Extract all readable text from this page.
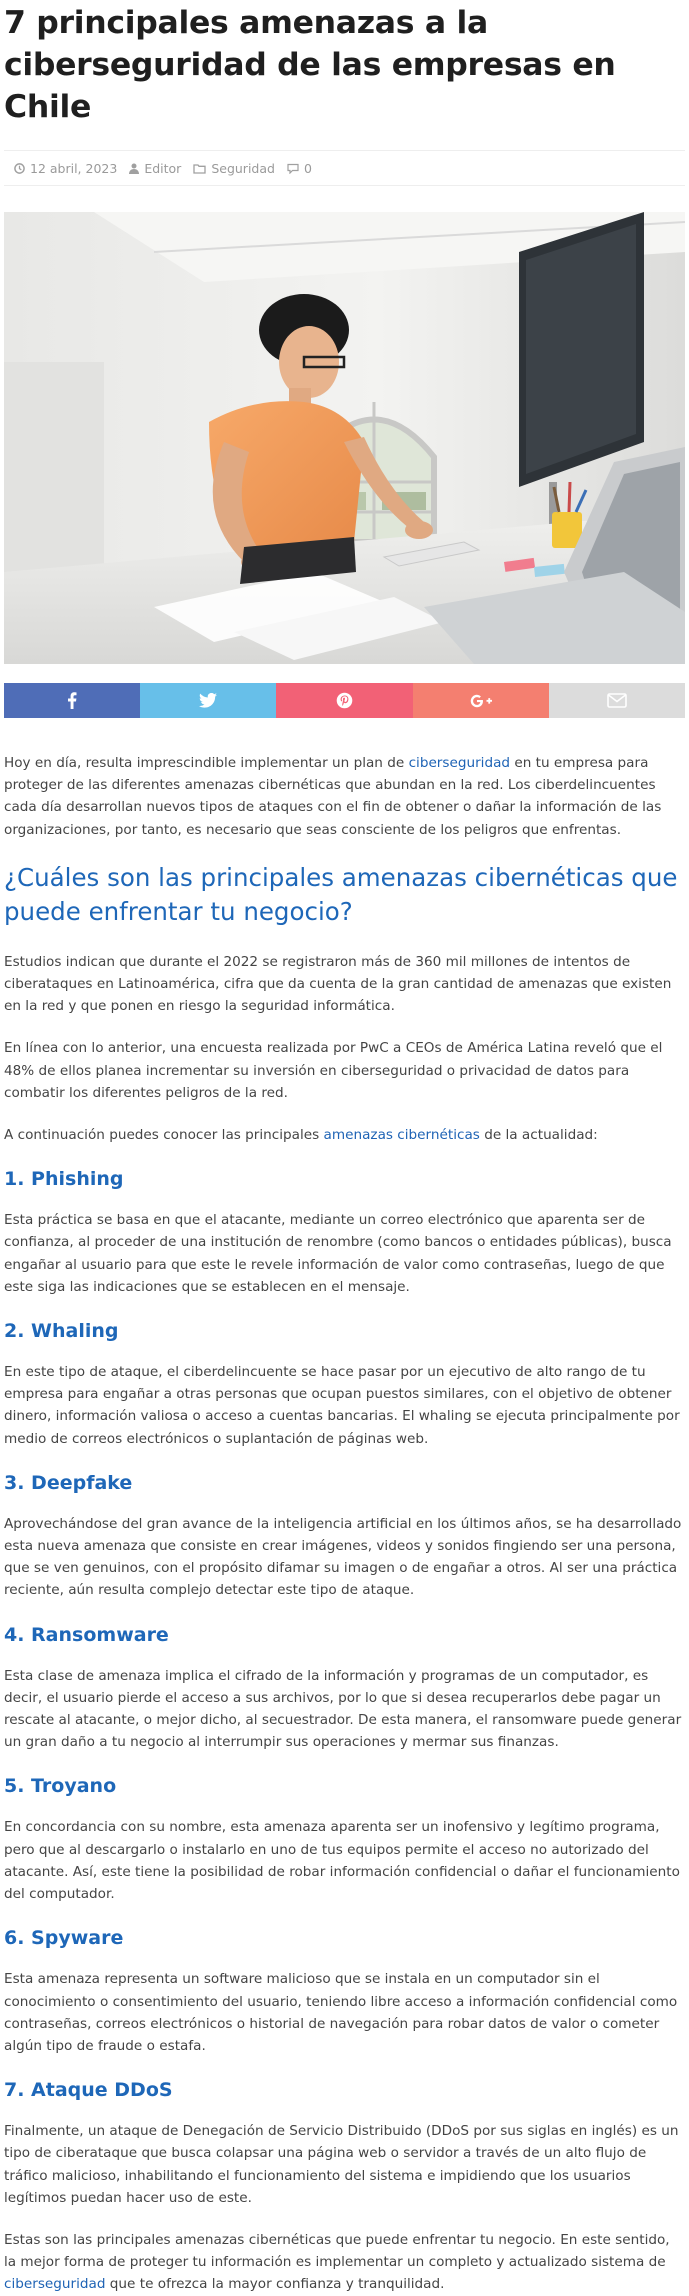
7 principales amenazas a la ciberseguridad de las empresas en Chile
12 abril, 2023 Editor Seguridad 0

Hoy en día, resulta imprescindible implementar un plan de ciberseguridad en tu empresa para proteger de las diferentes amenazas cibernéticas que abundan en la red. Los ciberdelincuentes cada día desarrollan nuevos tipos de ataques con el fin de obtener o dañar la información de las organizaciones, por tanto, es necesario que seas consciente de los peligros que enfrentas.

¿Cuáles son las principales amenazas cibernéticas que puede enfrentar tu negocio?

Estudios indican que durante el 2022 se registraron más de 360 mil millones de intentos de ciberataques en Latinoamérica, cifra que da cuenta de la gran cantidad de amenazas que existen en la red y que ponen en riesgo la seguridad informática.

En línea con lo anterior, una encuesta realizada por PwC a CEOs de América Latina reveló que el 48% de ellos planea incrementar su inversión en ciberseguridad o privacidad de datos para combatir los diferentes peligros de la red.

A continuación puedes conocer las principales amenazas cibernéticas de la actualidad:

1. Phishing

Esta práctica se basa en que el atacante, mediante un correo electrónico que aparenta ser de confianza, al proceder de una institución de renombre (como bancos o entidades públicas), busca engañar al usuario para que este le revele información de valor como contraseñas, luego de que este siga las indicaciones que se establecen en el mensaje.

2. Whaling

En este tipo de ataque, el ciberdelincuente se hace pasar por un ejecutivo de alto rango de tu empresa para engañar a otras personas que ocupan puestos similares, con el objetivo de obtener dinero, información valiosa o acceso a cuentas bancarias. El whaling se ejecuta principalmente por medio de correos electrónicos o suplantación de páginas web.

3. Deepfake

Aprovechándose del gran avance de la inteligencia artificial en los últimos años, se ha desarrollado esta nueva amenaza que consiste en crear imágenes, videos y sonidos fingiendo ser una persona, que se ven genuinos, con el propósito difamar su imagen o de engañar a otros. Al ser una práctica reciente, aún resulta complejo detectar este tipo de ataque.

4. Ransomware

Esta clase de amenaza implica el cifrado de la información y programas de un computador, es decir, el usuario pierde el acceso a sus archivos, por lo que si desea recuperarlos debe pagar un rescate al atacante, o mejor dicho, al secuestrador. De esta manera, el ransomware puede generar un gran daño a tu negocio al interrumpir sus operaciones y mermar sus finanzas.

5. Troyano

En concordancia con su nombre, esta amenaza aparenta ser un inofensivo y legítimo programa, pero que al descargarlo o instalarlo en uno de tus equipos permite el acceso no autorizado del atacante. Así, este tiene la posibilidad de robar información confidencial o dañar el funcionamiento del computador.

6. Spyware

Esta amenaza representa un software malicioso que se instala en un computador sin el conocimiento o consentimiento del usuario, teniendo libre acceso a información confidencial como contraseñas, correos electrónicos o historial de navegación para robar datos de valor o cometer algún tipo de fraude o estafa.

7. Ataque DDoS

Finalmente, un ataque de Denegación de Servicio Distribuido (DDoS por sus siglas en inglés) es un tipo de ciberataque que busca colapsar una página web o servidor a través de un alto flujo de tráfico malicioso, inhabilitando el funcionamiento del sistema e impidiendo que los usuarios legítimos puedan hacer uso de este.

Estas son las principales amenazas cibernéticas que puede enfrentar tu negocio. En este sentido, la mejor forma de proteger tu información es implementar un completo y actualizado sistema de ciberseguridad que te ofrezca la mayor confianza y tranquilidad.
